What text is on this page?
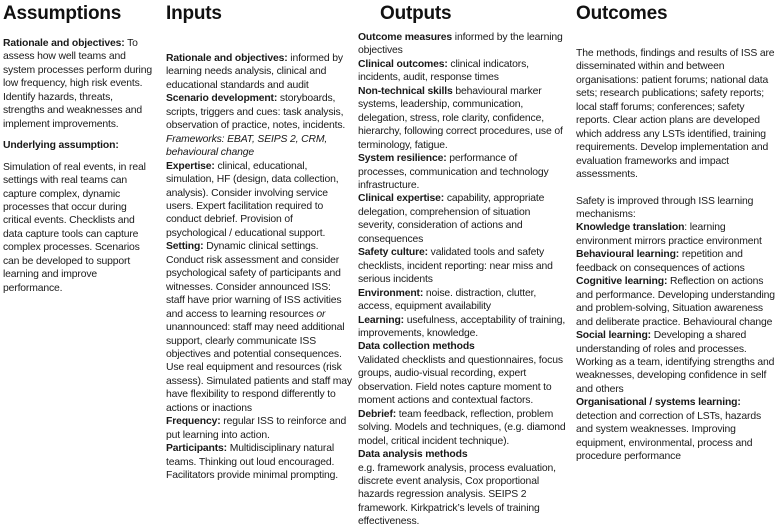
Assumptions

Rationale and objectives: To assess how well teams and system processes perform during low frequency, high risk events. Identify hazards, threats, strengths and weaknesses and implement improvements.

Underlying assumption:

Simulation of real events, in real settings with real teams can capture complex, dynamic processes that occur during critical events. Checklists and data capture tools can capture complex processes. Scenarios can be developed to support learning and improve performance.

Inputs

Rationale and objectives: informed by learning needs analysis, clinical and educational standards and audit

Scenario development: storyboards, scripts, triggers and cues: task analysis, observation of practice, notes, incidents. Frameworks: EBAT, SEIPS 2, CRM, behavioural change

Expertise: clinical, educational, simulation, HF (design, data collection, analysis). Consider involving service users. Expert facilitation required to conduct debrief. Provision of psychological / educational support.

Setting: Dynamic clinical settings. Conduct risk assessment and consider psychological safety of participants and witnesses. Consider announced ISS: staff have prior warning of ISS activities and access to learning resources or unannounced: staff may need additional support, clearly communicate ISS objectives and potential consequences. Use real equipment and resources (risk assess). Simulated patients and staff may have flexibility to respond differently to actions or inactions

Frequency: regular ISS to reinforce and put learning into action.

Participants: Multidisciplinary natural teams. Thinking out loud encouraged. Facilitators provide minimal prompting.

Outputs

Outcome measures informed by the learning objectives

Clinical outcomes: clinical indicators, incidents, audit, response times

Non-technical skills behavioural marker systems, leadership, communication, delegation, stress, role clarity, confidence, hierarchy, following correct procedures, use of terminology, fatigue.

System resilience: performance of processes, communication and technology infrastructure.

Clinical expertise: capability, appropriate delegation, comprehension of situation severity, consideration of actions and consequences

Safety culture: validated tools and safety checklists, incident reporting: near miss and serious incidents

Environment: noise. distraction, clutter, access, equipment availability

Learning: usefulness, acceptability of training, improvements, knowledge.

Data collection methods

Validated checklists and questionnaires, focus groups, audio-visual recording, expert observation. Field notes capture moment to moment actions and contextual factors.

Debrief: team feedback, reflection, problem solving. Models and techniques, (e.g. diamond model, critical incident technique).

Data analysis methods

e.g. framework analysis, process evaluation, discrete event analysis, Cox proportional hazards regression analysis. SEIPS 2 framework. Kirkpatrick’s levels of training effectiveness.

Outcomes

The methods, findings and results of ISS are disseminated within and between organisations: patient forums; national data sets; research publications; safety reports; local staff forums; conferences; safety reports. Clear action plans are developed which address any LSTs identified, training requirements. Develop implementation and evaluation frameworks and impact assessments.

Safety is improved through ISS learning mechanisms:

Knowledge translation: learning environment mirrors practice environment

Behavioural learning: repetition and feedback on consequences of actions

Cognitive learning: Reflection on actions and performance. Developing understanding and problem-solving, Situation awareness and deliberate practice. Behavioural change

Social learning: Developing a shared understanding of roles and processes. Working as a team, identifying strengths and weaknesses, developing confidence in self and others

Organisational / systems learning: detection and correction of LSTs, hazards and system weaknesses. Improving equipment, environmental, process and procedure performance
